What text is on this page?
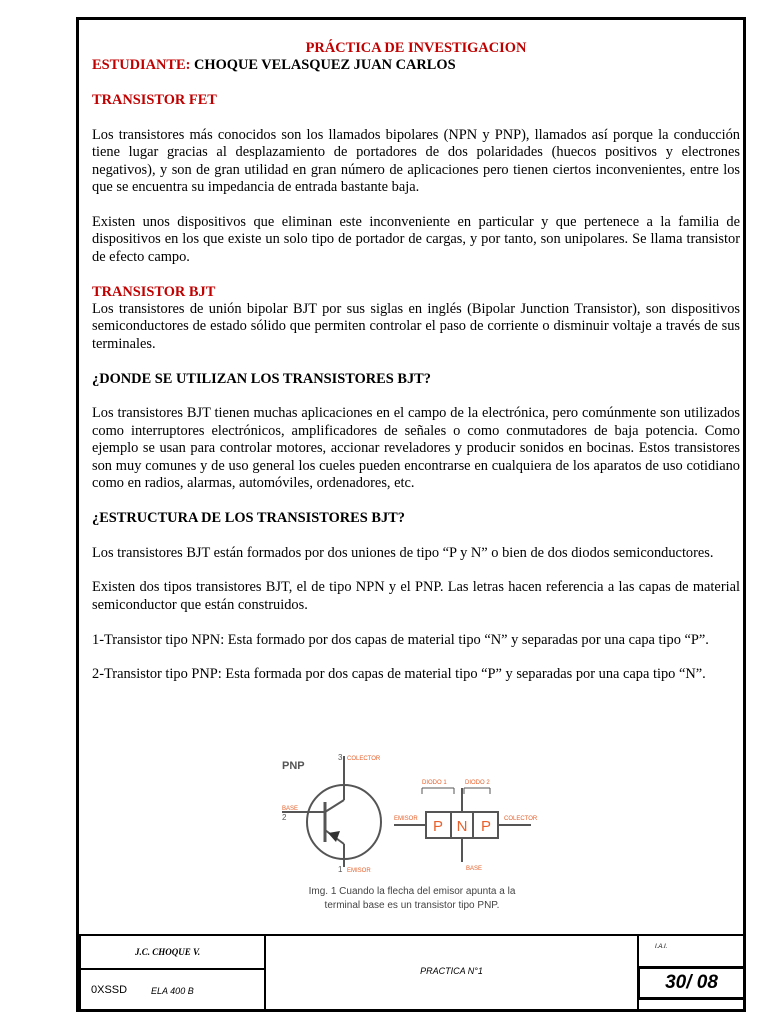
PRÁCTICA DE INVESTIGACION
ESTUDIANTE: CHOQUE VELASQUEZ JUAN CARLOS
TRANSISTOR FET

Los transistores más conocidos son los llamados bipolares (NPN y PNP), llamados así porque la conducción tiene lugar gracias al desplazamiento de portadores de dos polaridades (huecos positivos y electrones negativos), y son de gran utilidad en gran número de aplicaciones pero tienen ciertos inconvenientes, entre los que se encuentra su impedancia de entrada bastante baja.

Existen unos dispositivos que eliminan este inconveniente en particular y que pertenece a la familia de dispositivos en los que existe un solo tipo de portador de cargas, y por tanto, son unipolares. Se llama transistor de efecto campo.

TRANSISTOR BJT

Los transistores de unión bipolar BJT por sus siglas en inglés (Bipolar Junction Transistor), son dispositivos semiconductores de estado sólido que permiten controlar el paso de corriente o disminuir voltaje a través de sus terminales.

¿DONDE SE UTILIZAN LOS TRANSISTORES BJT?

Los transistores BJT tienen muchas aplicaciones en el campo de la electrónica, pero comúnmente son utilizados como interruptores electrónicos, amplificadores de señales o como conmutadores de baja potencia. Como ejemplo se usan para controlar motores, accionar reveladores y producir sonidos en bocinas. Estos transistores son muy comunes y de uso general los cueles pueden encontrarse en cualquiera de los aparatos de uso cotidiano como en radios, alarmas, automóviles, ordenadores, etc.

¿ESTRUCTURA DE LOS TRANSISTORES BJT?

Los transistores BJT están formados por dos uniones de tipo “P y N” o bien de dos diodos semiconductores.

Existen dos tipos transistores BJT, el de tipo NPN y el PNP. Las letras hacen referencia a las capas de material semiconductor que están construidos.

1-Transistor tipo NPN: Esta formado por dos capas de material tipo “N” y separadas por una capa tipo “P”.

2-Transistor tipo PNP: Esta formada por dos capas de material tipo “P” y separadas por una capa tipo “N”.

PNP
3 COLECTOR
BASE
2
1 EMISOR
DIODO 1	DIODO 2
P N P
EMISOR	COLECTOR
BASE
Img. 1 Cuando la flecha del emisor apunta a la
terminal base es un transistor tipo PNP.
J.C. CHOQUE V.
0XSSD	ELA 400 B
PRACTICA N°1
I.A.I.
30/ 08
